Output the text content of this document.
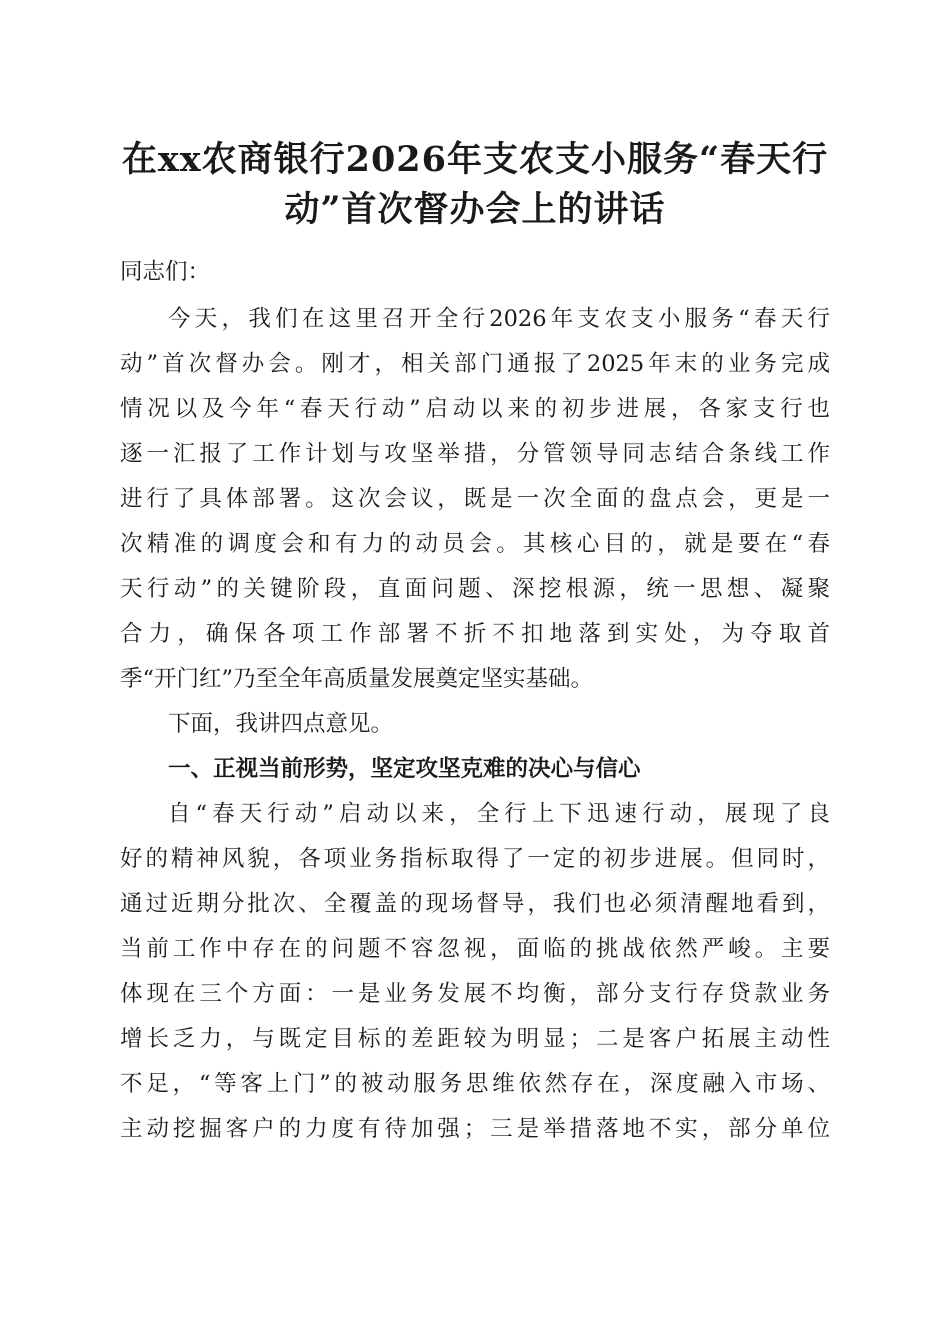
在xx农商银行2026年支农支小服务“春天行
动”首次督办会上的讲话
同志们：
今天，我们在这里召开全行2026年支农支小服务“春天行
动”首次督办会。刚才，相关部门通报了2025年末的业务完成
情况以及今年“春天行动”启动以来的初步进展，各家支行也
逐一汇报了工作计划与攻坚举措，分管领导同志结合条线工作
进行了具体部署。这次会议，既是一次全面的盘点会，更是一
次精准的调度会和有力的动员会。其核心目的，就是要在“春
天行动”的关键阶段，直面问题、深挖根源，统一思想、凝聚
合力，确保各项工作部署不折不扣地落到实处，为夺取首
季“开门红”乃至全年高质量发展奠定坚实基础。
下面，我讲四点意见。
一、正视当前形势，坚定攻坚克难的决心与信心
自“春天行动”启动以来，全行上下迅速行动，展现了良
好的精神风貌，各项业务指标取得了一定的初步进展。但同时，
通过近期分批次、全覆盖的现场督导，我们也必须清醒地看到，
当前工作中存在的问题不容忽视，面临的挑战依然严峻。主要
体现在三个方面：一是业务发展不均衡，部分支行存贷款业务
增长乏力，与既定目标的差距较为明显；二是客户拓展主动性
不足，“等客上门”的被动服务思维依然存在，深度融入市场、
主动挖掘客户的力度有待加强；三是举措落地不实，部分单位
